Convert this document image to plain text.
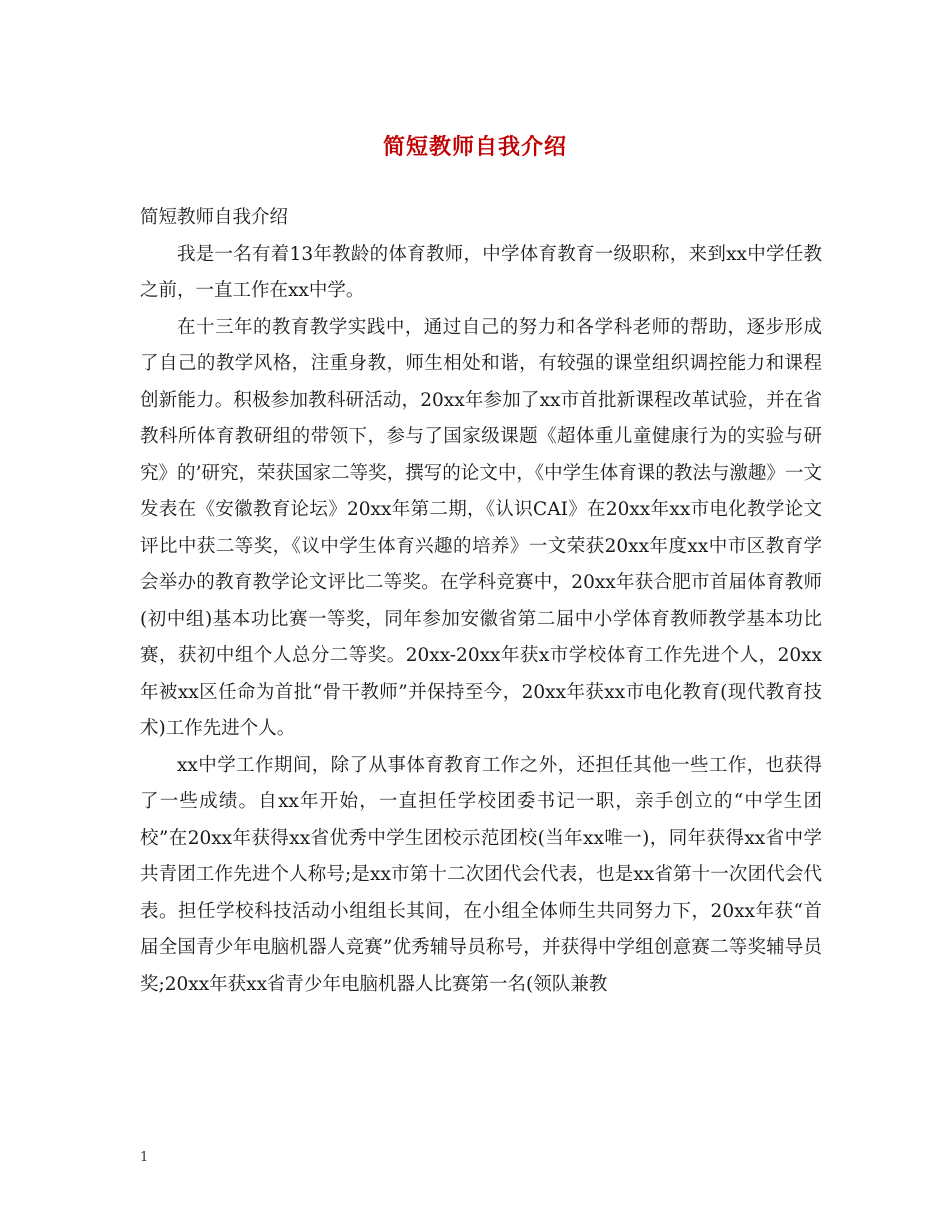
简短教师自我介绍

简短教师自我介绍

我是一名有着13年教龄的体育教师，中学体育教育一级职称，来到xx中学任教之前，一直工作在xx中学。

在十三年的教育教学实践中，通过自己的努力和各学科老师的帮助，逐步形成了自己的教学风格，注重身教，师生相处和谐，有较强的课堂组织调控能力和课程创新能力。积极参加教科研活动，20xx年参加了xx市首批新课程改革试验，并在省教科所体育教研组的带领下，参与了国家级课题《超体重儿童健康行为的实验与研究》的’研究，荣获国家二等奖，撰写的论文中，《中学生体育课的教法与激趣》一文发表在《安徽教育论坛》20xx年第二期，《认识CAI》在20xx年xx市电化教学论文评比中获二等奖，《议中学生体育兴趣的培养》一文荣获20xx年度xx中市区教育学会举办的教育教学论文评比二等奖。在学科竞赛中，20xx年获合肥市首届体育教师(初中组)基本功比赛一等奖，同年参加安徽省第二届中小学体育教师教学基本功比赛，获初中组个人总分二等奖。20xx-20xx年获x市学校体育工作先进个人，20xx年被xx区任命为首批“骨干教师”并保持至今，20xx年获xx市电化教育(现代教育技术)工作先进个人。

xx中学工作期间，除了从事体育教育工作之外，还担任其他一些工作，也获得了一些成绩。自xx年开始，一直担任学校团委书记一职，亲手创立的“中学生团校”在20xx年获得xx省优秀中学生团校示范团校(当年xx唯一)，同年获得xx省中学共青团工作先进个人称号;是xx市第十二次团代会代表，也是xx省第十一次团代会代表。担任学校科技活动小组组长其间，在小组全体师生共同努力下，20xx年获“首届全国青少年电脑机器人竞赛”优秀辅导员称号，并获得中学组创意赛二等奖辅导员奖;20xx年获xx省青少年电脑机器人比赛第一名(领队兼教

1
